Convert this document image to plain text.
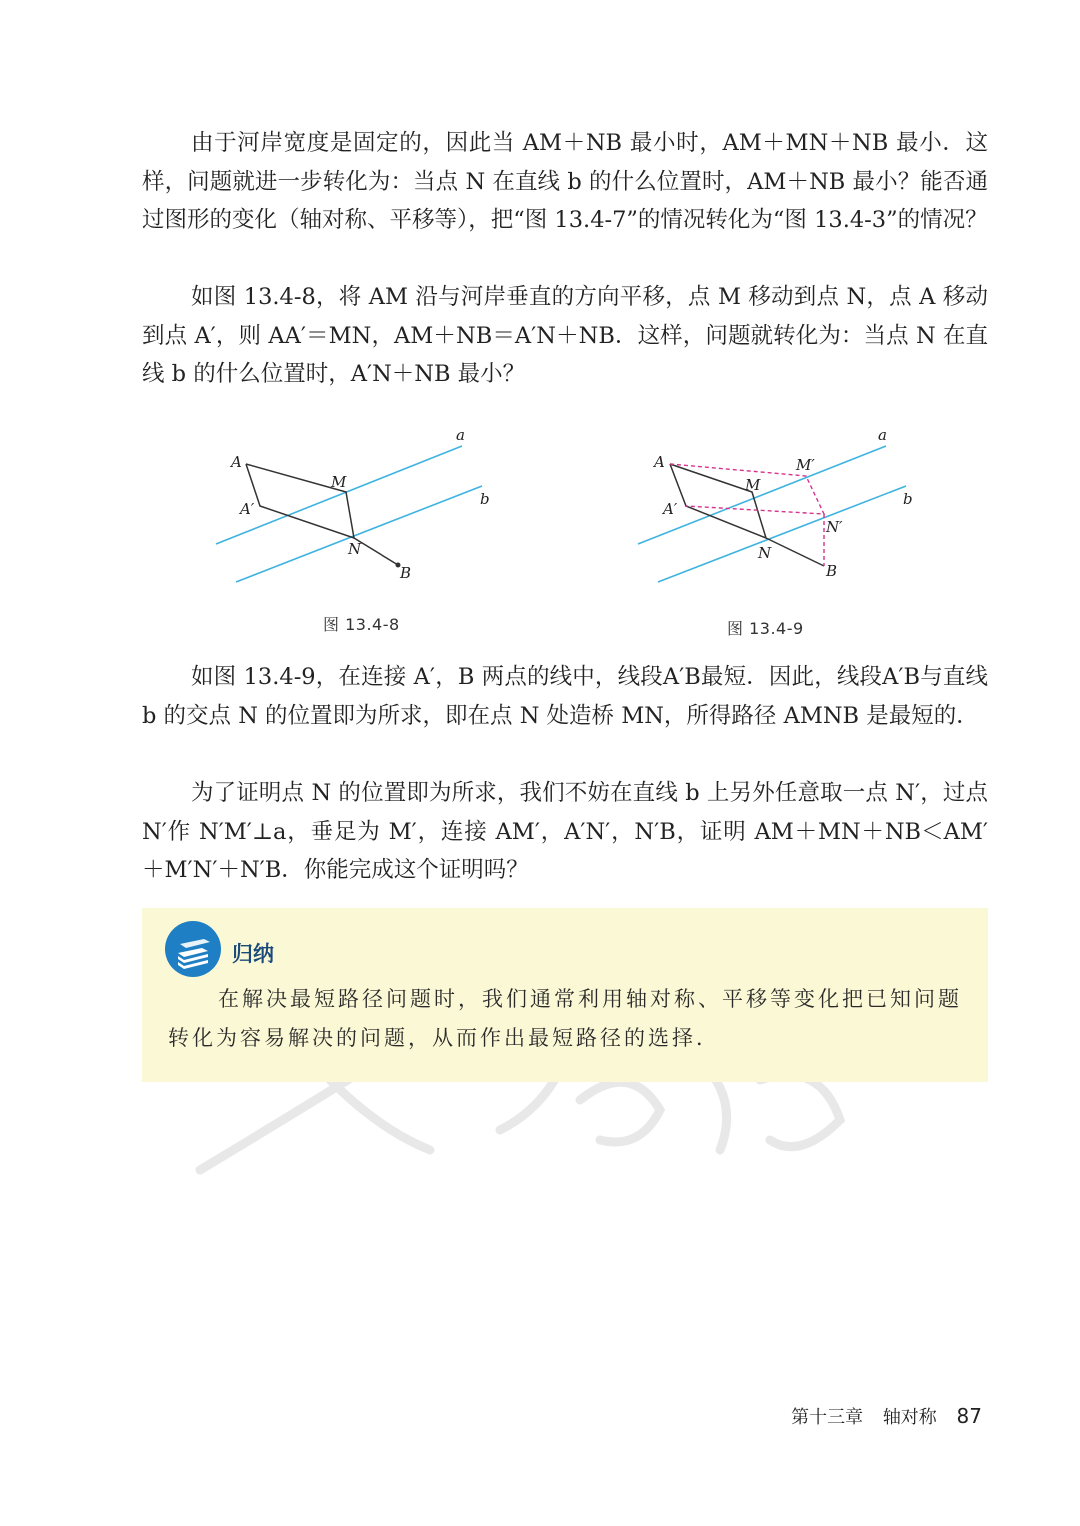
由于河岸宽度是固定的，因此当 AM＋NB 最小时，AM＋MN＋NB 最小．这样，问题就进一步转化为：当点 N 在直线 b 的什么位置时，AM＋NB 最小？能否通过图形的变化（轴对称、平移等），把“图 13.4-7”的情况转化为“图 13.4-3”的情况？

如图 13.4-8，将 AM 沿与河岸垂直的方向平移，点 M 移动到点 N，点 A 移动到点 A′，则 AA′＝MN，AM＋NB＝A′N＋NB．这样，问题就转化为：当点 N 在直线 b 的什么位置时，A′N＋NB 最小？

A
A′
M
N
B
a
b
图 13.4-8
A
A′
M
M′
N
N′
B
a
b
图 13.4-9

如图 13.4-9，在连接 A′，B 两点的线中，线段A′B最短．因此，线段A′B与直线 b 的交点 N 的位置即为所求，即在点 N 处造桥 MN，所得路径 AMNB 是最短的．

为了证明点 N 的位置即为所求，我们不妨在直线 b 上另外任意取一点 N′，过点 N′作 N′M′⊥a，垂足为 M′，连接 AM′，A′N′，N′B，证明 AM＋MN＋NB＜AM′＋M′N′＋N′B．你能完成这个证明吗？

归纳

在解决最短路径问题时，我们通常利用轴对称、平移等变化把已知问题转化为容易解决的问题，从而作出最短路径的选择．

第十三章 轴对称 87
